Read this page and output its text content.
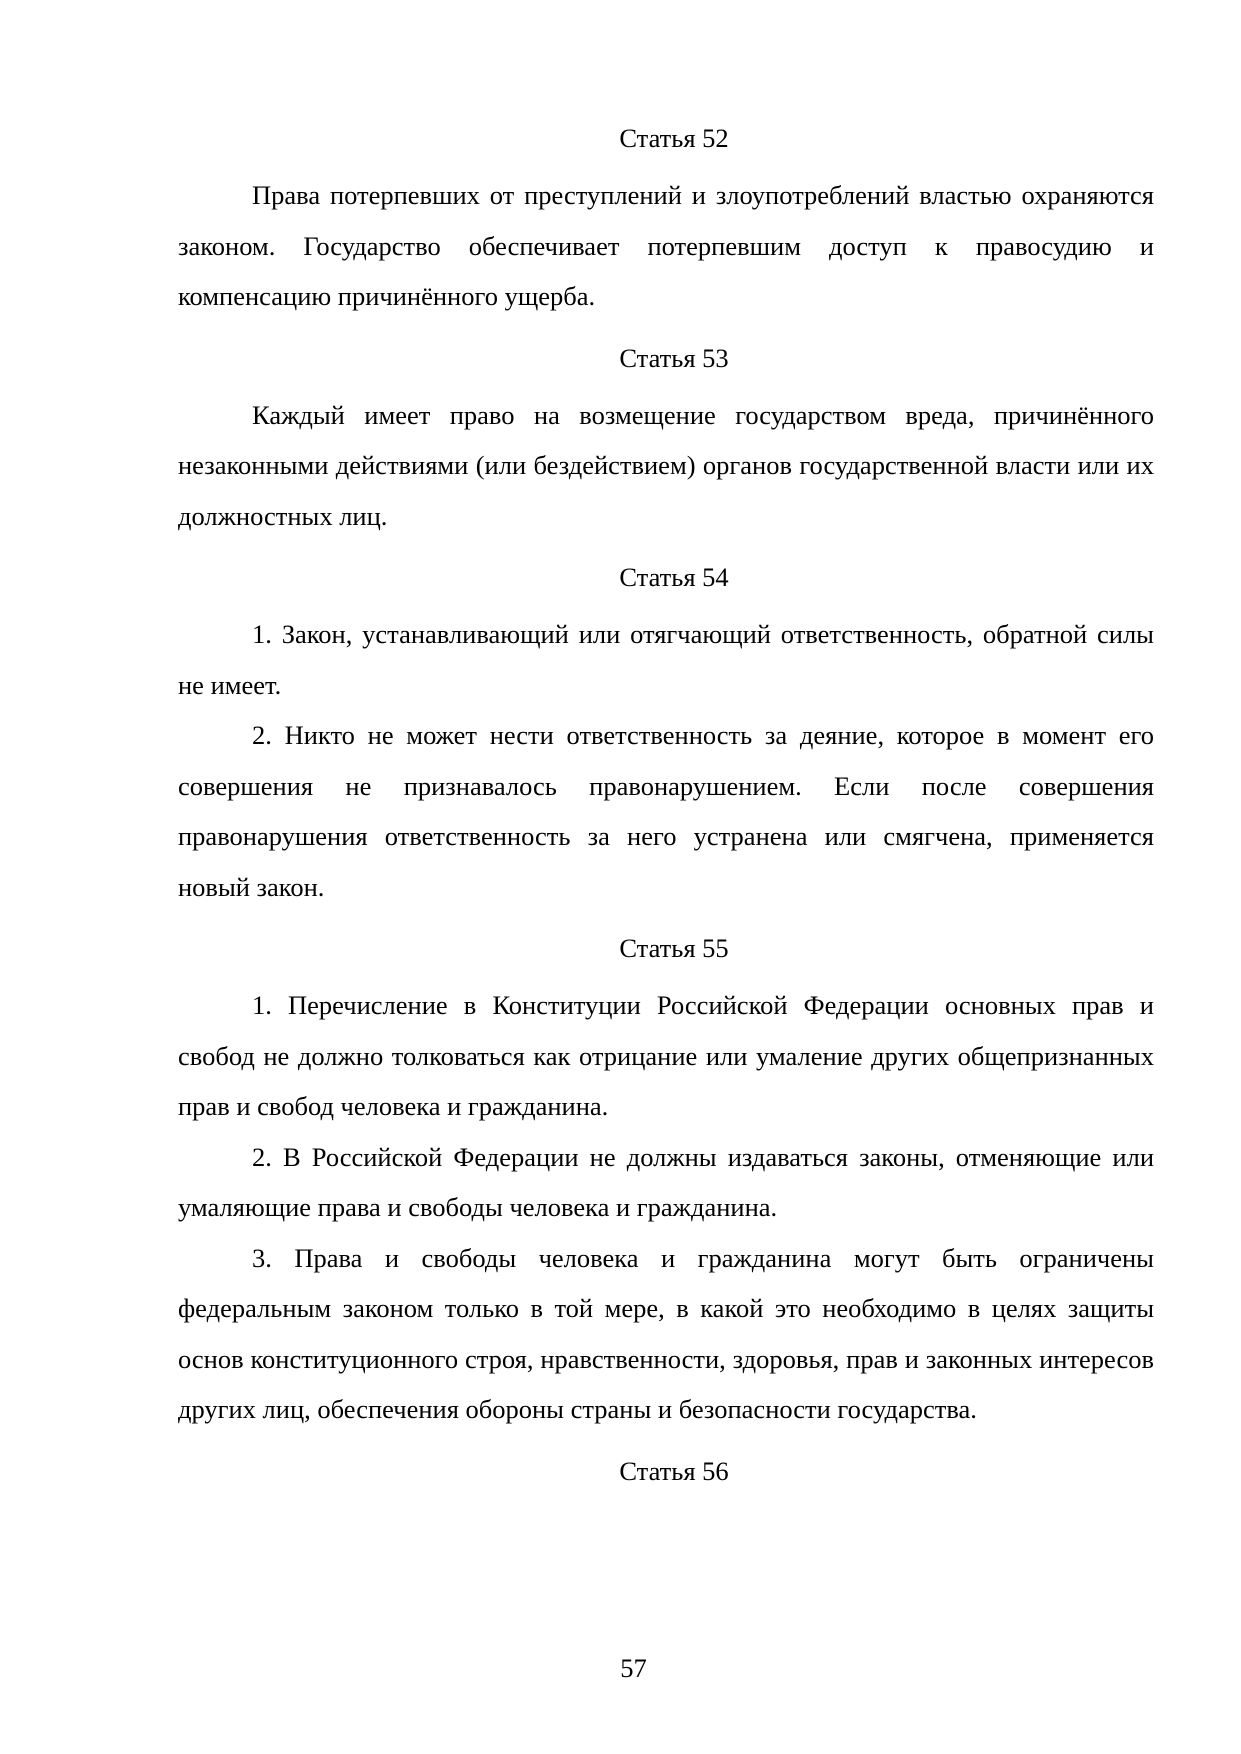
Статья 52

Права потерпевших от преступлений и злоупотреблений властью охраняются законом. Государство обеспечивает потерпевшим доступ к правосудию и компенсацию причинённого ущерба.

Статья 53

Каждый имеет право на возмещение государством вреда, причинённого незаконными действиями (или бездействием) органов государственной власти или их должностных лиц.

Статья 54

1. Закон, устанавливающий или отягчающий ответственность, обратной силы не имеет.

2. Никто не может нести ответственность за деяние, которое в момент его совершения не признавалось правонарушением. Если после совершения правонарушения ответственность за него устранена или смягчена, применяется новый закон.

Статья 55

1. Перечисление в Конституции Российской Федерации основных прав и свобод не должно толковаться как отрицание или умаление других общепризнанных прав и свобод человека и гражданина.

2. В Российской Федерации не должны издаваться законы, отменяющие или умаляющие права и свободы человека и гражданина.

3. Права и свободы человека и гражданина могут быть ограничены федеральным законом только в той мере, в какой это необходимо в целях защиты основ конституционного строя, нравственности, здоровья, прав и законных интересов других лиц, обеспечения обороны страны и безопасности государства.

Статья 56
57
